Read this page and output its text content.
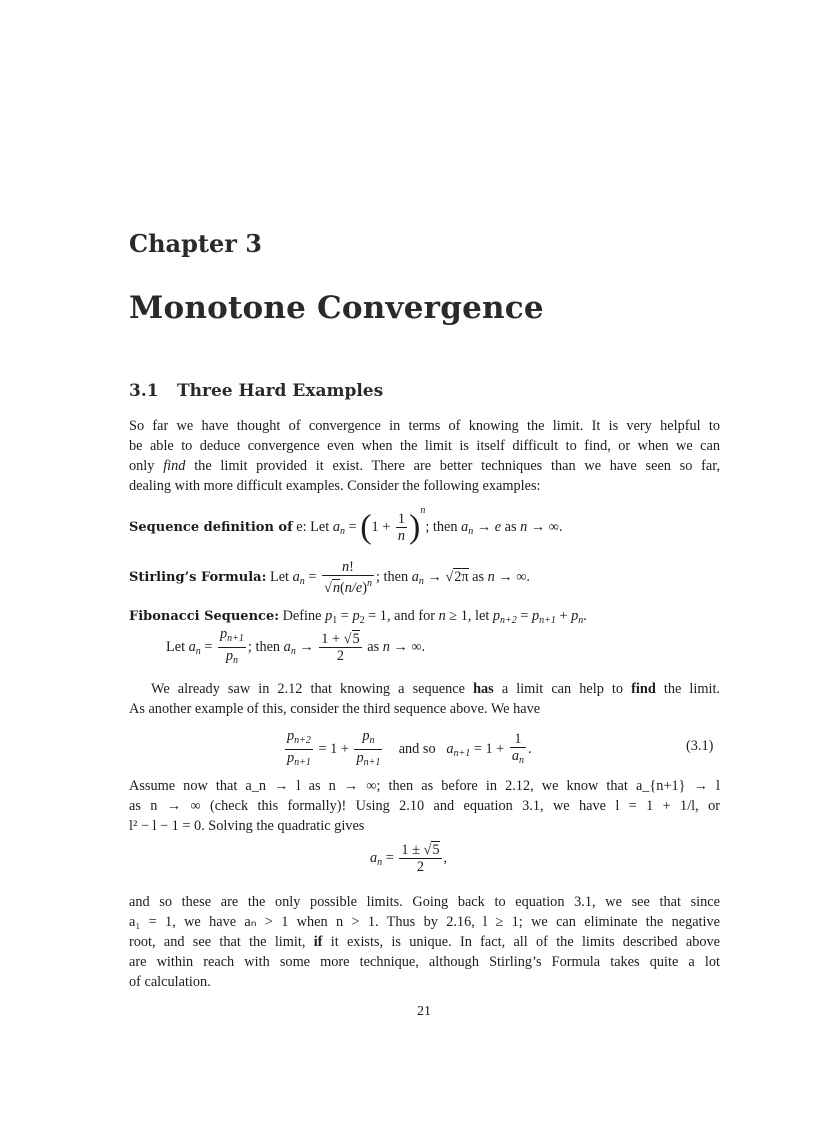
Chapter 3
Monotone Convergence
3.1 Three Hard Examples
So far we have thought of convergence in terms of knowing the limit. It is very helpful to
be able to deduce convergence even when the limit is itself difficult to find, or when we can
only find the limit provided it exist. There are better techniques than we have seen so far,
dealing with more difficult examples. Consider the following examples:
Sequence definition of e: Let $a_n = (1 + \frac{1}{n} )^n$; then $a_n \to e$ as n → ∞.
Stirling’s Formula: Let $a_n = \frac{n!}{√n(n/e)^n}$ ; then $a_n \to √2\pi$ as n → ∞.
Fibonacci Sequence: Define $p_1 = p_2 = 1$, and for n ≥ 1, let $p_{n+2} = p_{n+1} + p_n$.
Let $a_n = \frac{p_{n+1}}{p_n}$ ; then $a_n \to \frac{1 + √5}{2}$ as n → ∞.
We already saw in 2.12 that knowing a sequence has a limit can help to find the limit.
As another example of this, consider the third sequence above. We have
$\frac{p_{n+2}}{p_{n+1}} = 1 + \frac{p_n}{p_{n+1}}$ and so   $a_{n+1} = 1 + \frac{1}{a_n}$ .	(3.1)
Assume now that a_n → l as n → ∞; then as before in 2.12, we know that a_{n+1} → l
as n → ∞ (check this formally)! Using 2.10 and equation 3.1, we have l = 1 + 1/l, or
l² − l − 1 = 0. Solving the quadratic gives
$a_n = \frac{1 \pm √5}{2}$ ,
and so these are the only possible limits. Going back to equation 3.1, we see that since
a₁ = 1, we have aₙ > 1 when n > 1. Thus by 2.16, l ≥ 1; we can eliminate the negative
root, and see that the limit, if it exists, is unique. In fact, all of the limits described above
are within reach with some more technique, although Stirling’s Formula takes quite a lot
of calculation.
21
